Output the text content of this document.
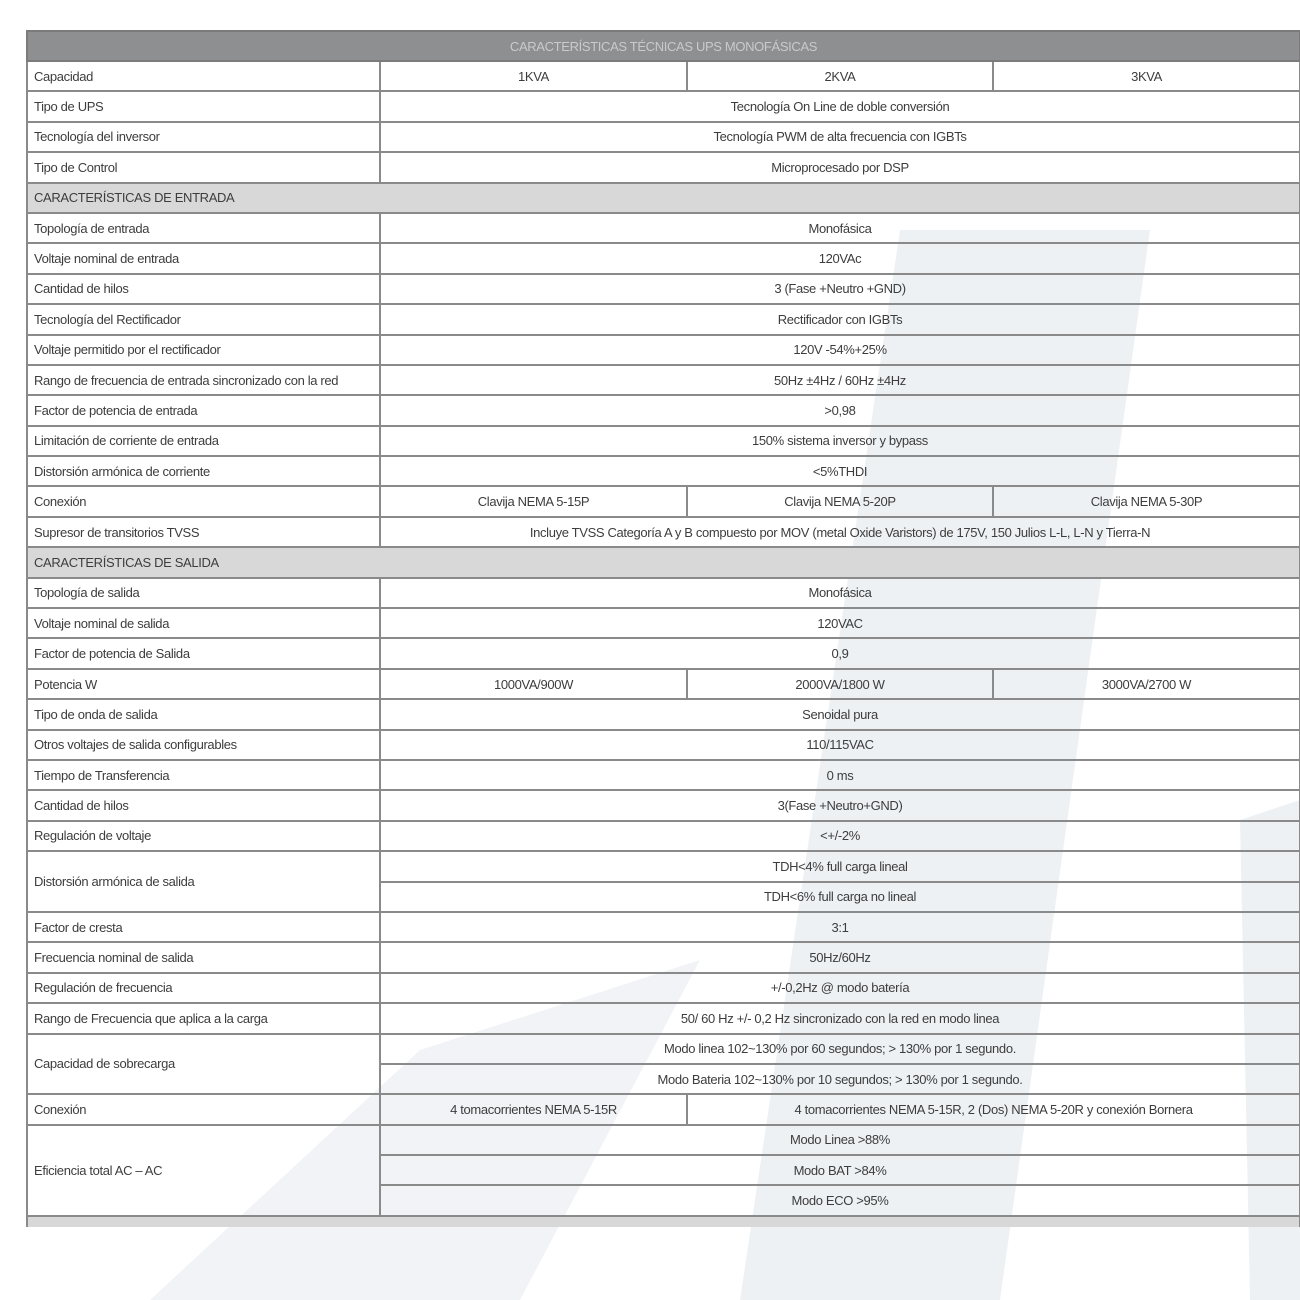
CARACTERÍSTICAS TÉCNICAS UPS MONOFÁSICAS			
Capacidad	1KVA	2KVA	3KVA
Tipo de UPS	Tecnología On Line de doble conversión		
Tecnología del inversor	Tecnología PWM de alta frecuencia con IGBTs		
Tipo de Control	Microprocesado por DSP		
CARACTERÍSTICAS DE ENTRADA			
Topología de entrada	Monofásica		
Voltaje nominal de entrada	120VAc		
Cantidad de hilos	3 (Fase +Neutro +GND)		
Tecnología del Rectificador	Rectificador con IGBTs		
Voltaje permitido por el rectificador	120V -54%+25%		
Rango de frecuencia de entrada sincronizado con la red	50Hz ±4Hz / 60Hz ±4Hz		
Factor de potencia de entrada	>0,98		
Limitación de corriente de entrada	150% sistema inversor y bypass		
Distorsión armónica de corriente	<5%THDI		
Conexión	Clavija NEMA 5-15P	Clavija NEMA 5-20P	Clavija NEMA 5-30P
Supresor de transitorios TVSS	Incluye TVSS Categoría A y B compuesto por MOV (metal Oxide Varistors) de 175V, 150 Julios L-L, L-N y Tierra-N		
CARACTERÍSTICAS DE SALIDA			
Topología de salida	Monofásica		
Voltaje nominal de salida	120VAC		
Factor de potencia de Salida	0,9		
Potencia W	1000VA/900W	2000VA/1800 W	3000VA/2700 W
Tipo de onda de salida	Senoidal pura		
Otros voltajes de salida configurables	110/115VAC		
Tiempo de Transferencia	0 ms		
Cantidad de hilos	3(Fase +Neutro+GND)		
Regulación de voltaje	<+/-2%		
Distorsión armónica de salida	TDH<4% full carga lineal		
	TDH<6% full carga no lineal		
Factor de cresta	3:1		
Frecuencia nominal de salida	50Hz/60Hz		
Regulación de frecuencia	+/-0,2Hz @ modo batería		
Rango de Frecuencia que aplica a la carga	50/ 60 Hz +/- 0,2 Hz sincronizado con la red en modo linea		
Capacidad de sobrecarga	Modo linea 102~130% por 60 segundos; > 130% por 1 segundo.		
	Modo Bateria 102~130% por 10 segundos; > 130% por 1 segundo.		
Conexión	4 tomacorrientes NEMA 5-15R	4 tomacorrientes NEMA 5-15R, 2 (Dos) NEMA 5-20R y conexión Bornera	
Eficiencia total AC – AC	Modo Linea >88%		
	Modo BAT >84%		
	Modo ECO >95%		
